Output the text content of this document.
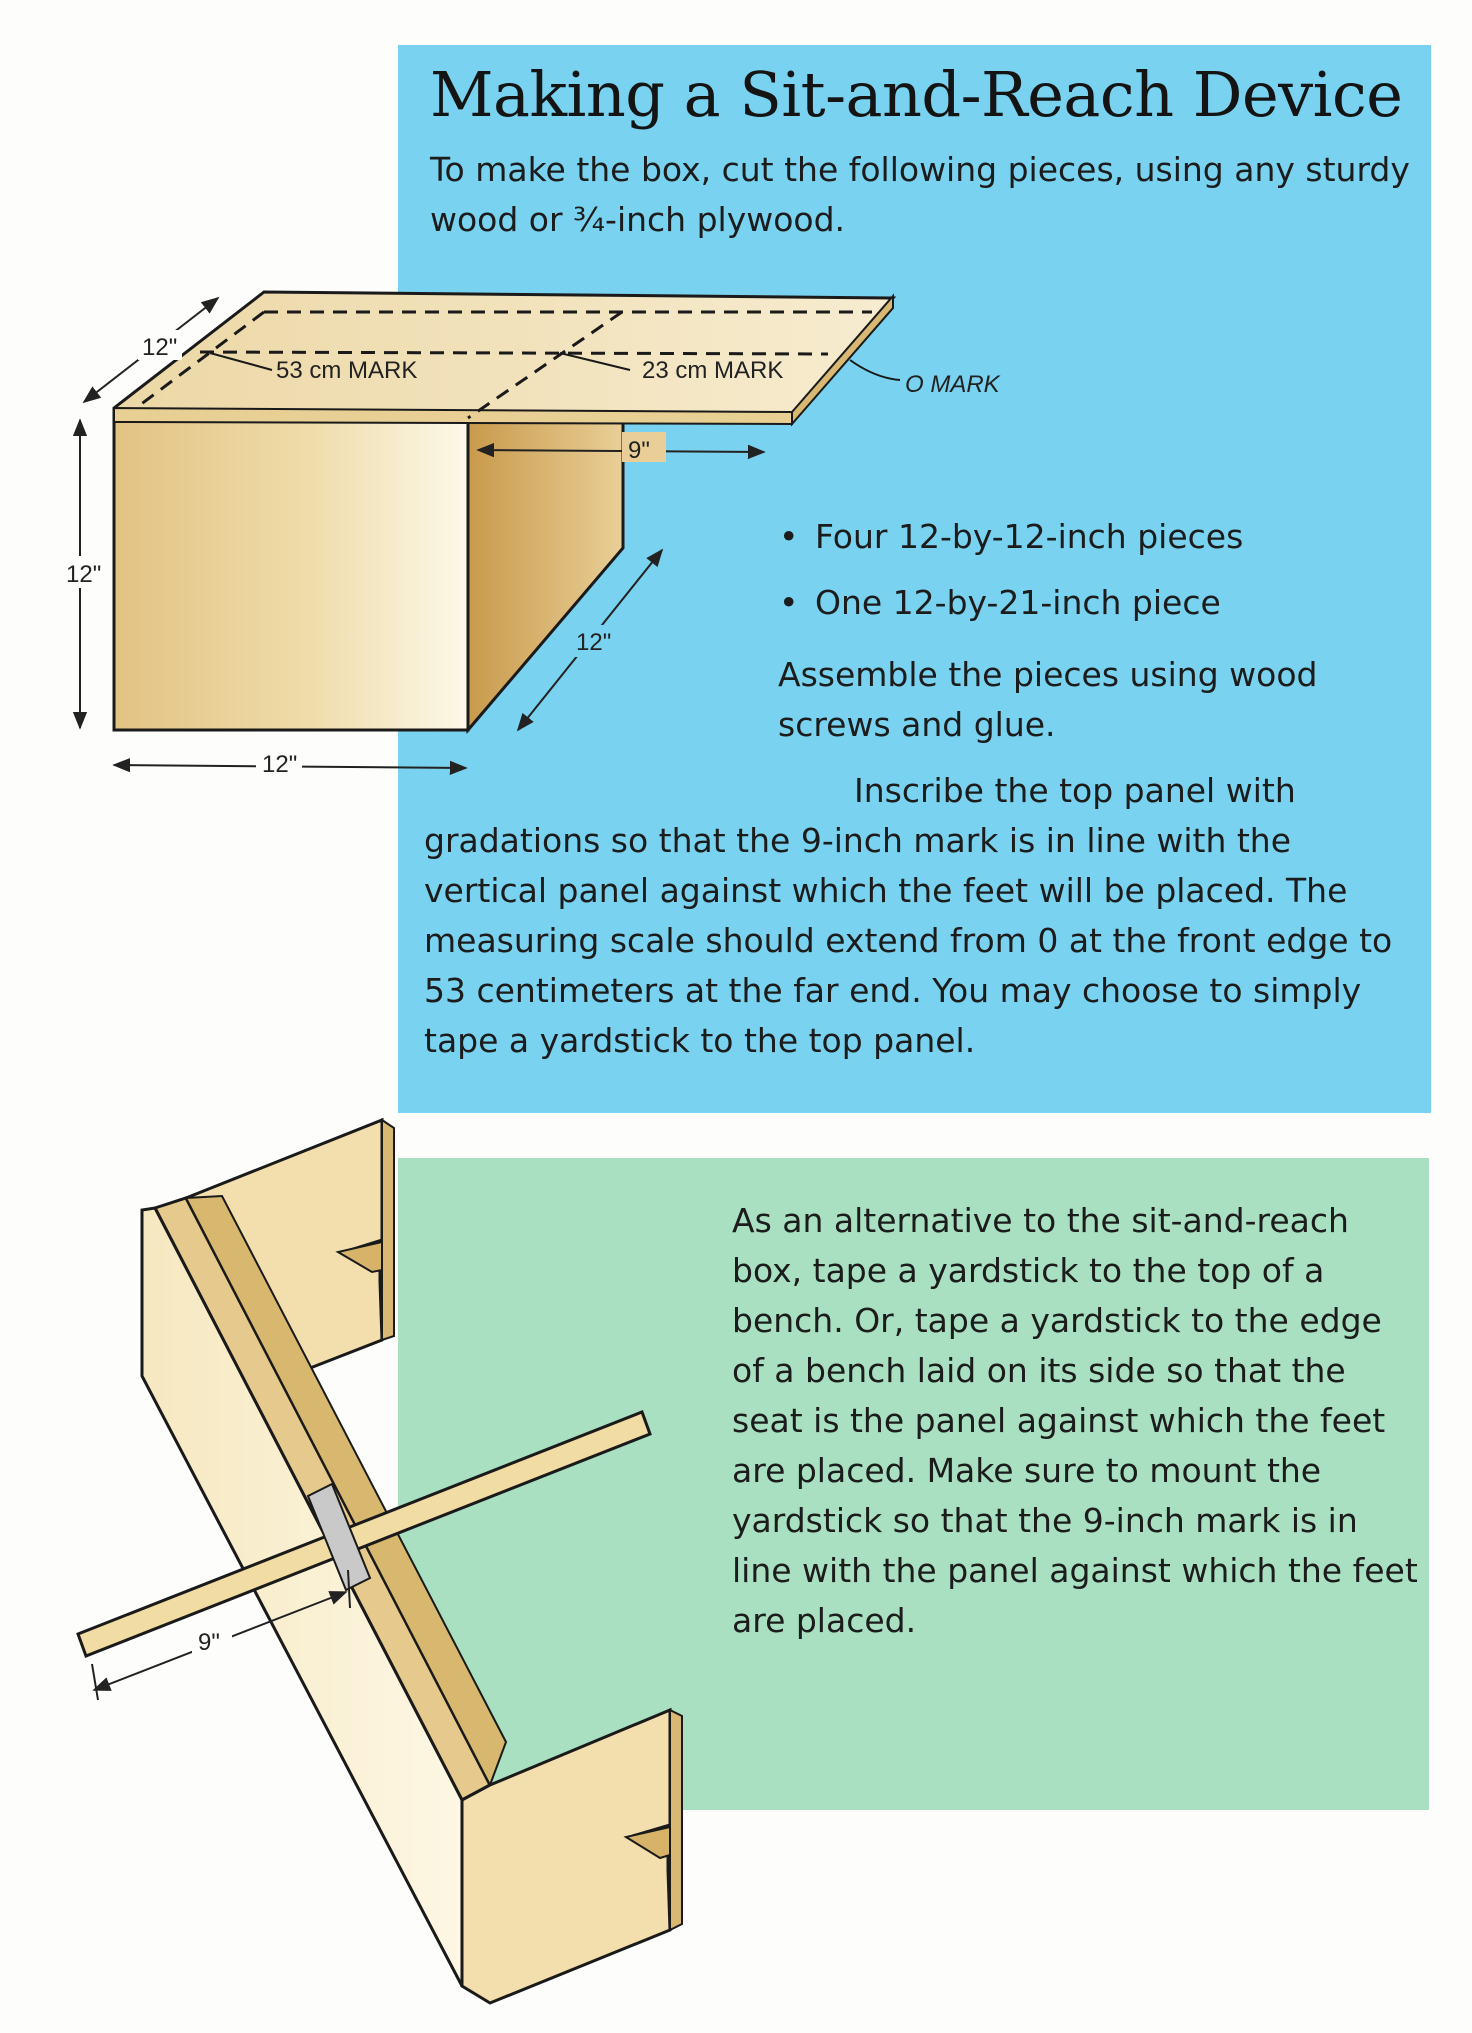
Making a Sit-and-Reach Device

To make the box, cut the following pieces, using any sturdy wood or ¾-inch plywood.

53 cm MARK	23 cm MARK
O MARK
12"
12"
12"
12"
9"
• Four 12-by-12-inch pieces
• One 12-by-21-inch piece

Assemble the pieces using wood screws and glue.

Inscribe the top panel with gradations so that the 9-inch mark is in line with the vertical panel against which the feet will be placed. The measuring scale should extend from 0 at the front edge to 53 centimeters at the far end. You may choose to simply tape a yardstick to the top panel.

9"

As an alternative to the sit-and-reach box, tape a yardstick to the top of a bench. Or, tape a yardstick to the edge of a bench laid on its side so that the seat is the panel against which the feet are placed. Make sure to mount the yardstick so that the 9-inch mark is in line with the panel against which the feet are placed.
